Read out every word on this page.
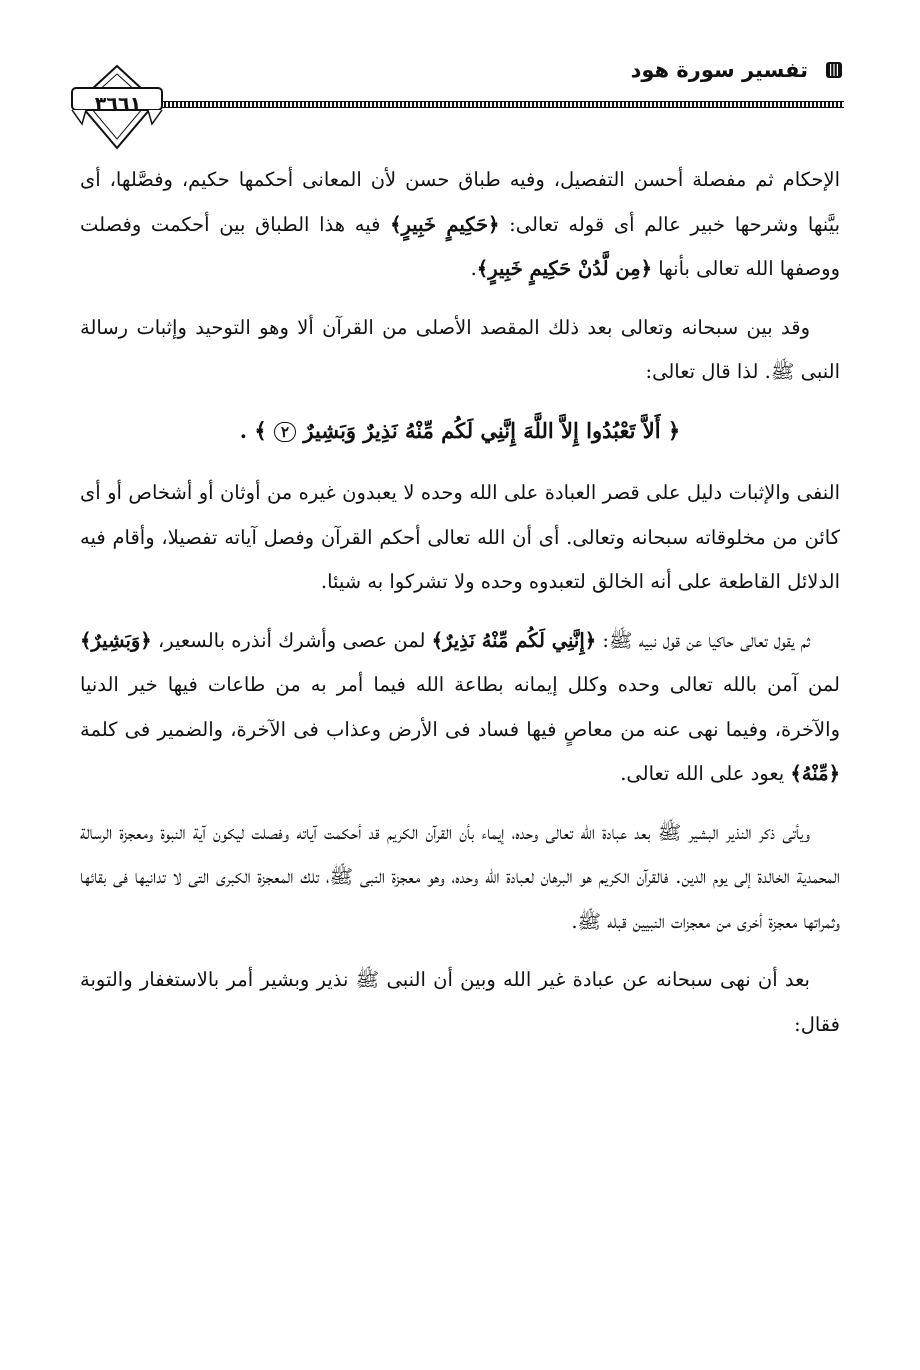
تفسير سورة هود
٣٦٦١

الإحكام ثم مفصلة أحسن التفصيل، وفيه طباق حسن لأن المعانى أحكمها حكيم، وفصَّلها، أى بيَّنها وشرحها خبير عالم أى قوله تعالى: ﴿حَكِيمٍ خَبِيرٍ﴾ فيه هذا الطباق بين أحكمت وفصلت ووصفها الله تعالى بأنها ﴿مِن لَّدُنْ حَكِيمٍ خَبِيرٍ﴾.

وقد بين سبحانه وتعالى بعد ذلك المقصد الأصلى من القرآن ألا وهو التوحيد وإثبات رسالة النبى ﷺ. لذا قال تعالى:

﴿ أَلاَّ تَعْبُدُوا إِلاَّ اللَّهَ إِنَّنِي لَكُم مِّنْهُ نَذِيرٌ وَبَشِيرٌ ٢ ﴾ .

النفى والإثبات دليل على قصر العبادة على الله وحده لا يعبدون غيره من أوثان أو أشخاص أو أى كائن من مخلوقاته سبحانه وتعالى. أى أن الله تعالى أحكم القرآن وفصل آياته تفصيلا، وأقام فيه الدلائل القاطعة على أنه الخالق لتعبدوه وحده ولا تشركوا به شيئا.

ثم يقول تعالى حاكيا عن قول نبيه ﷺ: ﴿إِنَّنِي لَكُم مِّنْهُ نَذِيرٌ﴾ لمن عصى وأشرك أنذره بالسعير، ﴿وَبَشِيرٌ﴾ لمن آمن بالله تعالى وحده وكلل إيمانه بطاعة الله فيما أمر به من طاعات فيها خير الدنيا والآخرة، وفيما نهى عنه من معاصٍ فيها فساد فى الأرض وعذاب فى الآخرة، والضمير فى كلمة ﴿مِّنْهُ﴾ يعود على الله تعالى.

ويأتى ذكر النذير البشير ﷺ بعد عبادة الله تعالى وحده، إيماء بأن القرآن الكريم قد أحكمت آياته وفصلت ليكون آية النبوة ومعجزة الرسالة المحمدية الخالدة إلى يوم الدين. فالقرآن الكريم هو البرهان لعبادة الله وحده، وهو معجزة النبى ﷺ، تلك المعجزة الكبرى التى لا تدانيها فى بقائها وثمراتها معجزة أخرى من معجزات النبيين قبله ﷺ.

بعد أن نهى سبحانه عن عبادة غير الله وبين أن النبى ﷺ نذير وبشير أمر بالاستغفار والتوبة فقال:
